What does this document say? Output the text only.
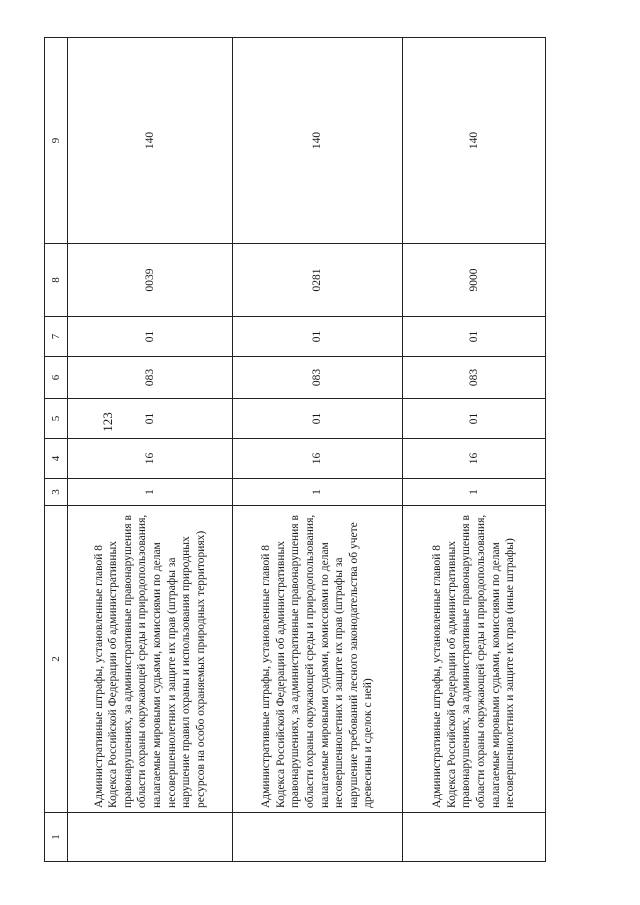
123
1	2	3	4	5	6	7	8	9
	Административные штрафы, установленные главой 8 Кодекса Российской Федерации об административных правонарушениях, за административные правонарушения в области охраны окружающей среды и природопользования, налагаемые мировыми судьями, комиссиями по делам несовершеннолетних и защите их прав (штрафы за нарушение правил охраны и использования природных ресурсов на особо охраняемых природных территориях)	1	16	01	083	01	0039	140
	Административные штрафы, установленные главой 8 Кодекса Российской Федерации об административных правонарушениях, за административные правонарушения в области охраны окружающей среды и природопользования, налагаемые мировыми судьями, комиссиями по делам несовершеннолетних и защите их прав (штрафы за нарушение требований лесного законодательства об учете древесины и сделок с ней)	1	16	01	083	01	0281	140
	Административные штрафы, установленные главой 8 Кодекса Российской Федерации об административных правонарушениях, за административные правонарушения в области охраны окружающей среды и природопользования, налагаемые мировыми судьями, комиссиями по делам несовершеннолетних и защите их прав (иные штрафы)	1	16	01	083	01	9000	140
